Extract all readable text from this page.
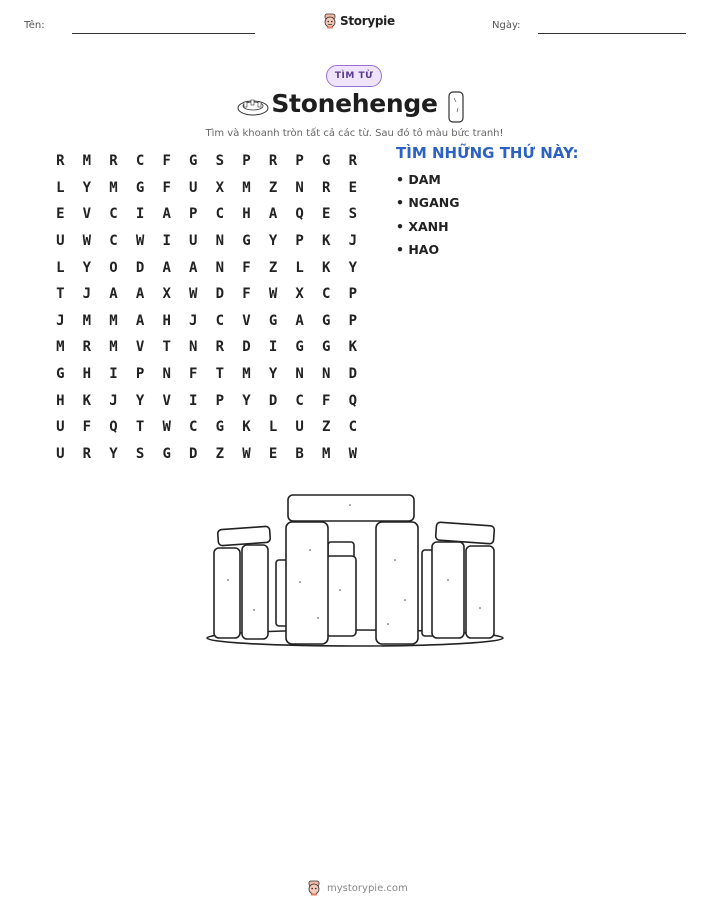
Tên:	Storypie	Ngày:
TÌM TỪ
Stonehenge
Tìm và khoanh tròn tất cả các từ. Sau đó tô màu bức tranh!
R	M	R	C	F	G	S	P	R	P	G	R
L	Y	M	G	F	U	X	M	Z	N	R	E
E	V	C	I	A	P	C	H	A	Q	E	S
U	W	C	W	I	U	N	G	Y	P	K	J
L	Y	O	D	A	A	N	F	Z	L	K	Y
T	J	A	A	X	W	D	F	W	X	C	P
J	M	M	A	H	J	C	V	G	A	G	P
M	R	M	V	T	N	R	D	I	G	G	K
G	H	I	P	N	F	T	M	Y	N	N	D
H	K	J	Y	V	I	P	Y	D	C	F	Q
U	F	Q	T	W	C	G	K	L	U	Z	C
U	R	Y	S	G	D	Z	W	E	B	M	W
TÌM NHỮNG THỨ NÀY:
• DAM
• NGANG
• XANH
• HAO
mystorypie.com
